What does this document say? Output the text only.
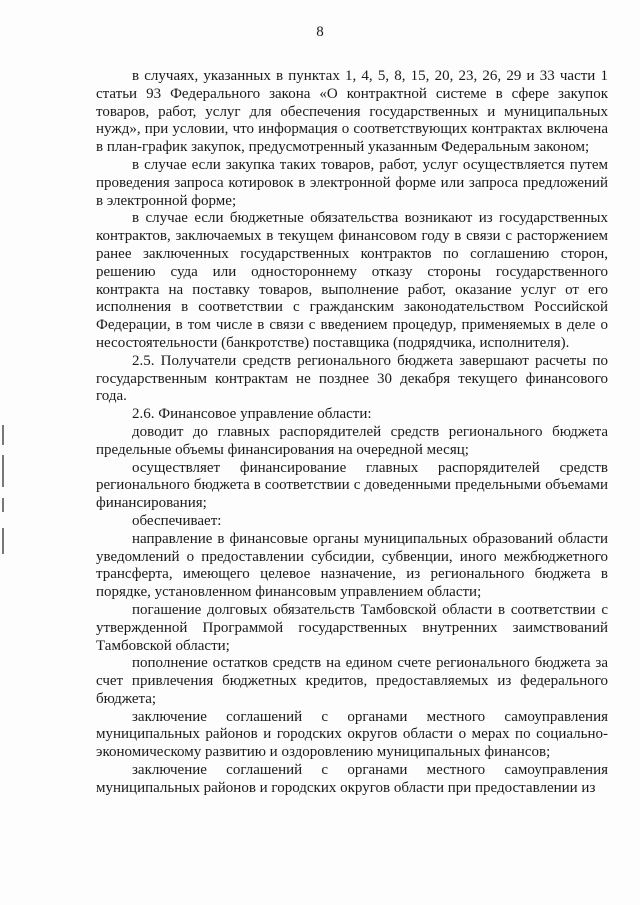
8

в случаях, указанных в пунктах 1, 4, 5, 8, 15, 20, 23, 26, 29 и 33 части 1 статьи 93 Федерального закона «О контрактной системе в сфере закупок товаров, работ, услуг для обеспечения государственных и муниципальных нужд», при условии, что информация о соответствующих контрактах включена в план-график закупок, предусмотренный указанным Федеральным законом;

в случае если закупка таких товаров, работ, услуг осуществляется путем проведения запроса котировок в электронной форме или запроса предложений в электронной форме;

в случае если бюджетные обязательства возникают из государственных контрактов, заключаемых в текущем финансовом году в связи с расторжением ранее заключенных государственных контрактов по соглашению сторон, решению суда или одностороннему отказу стороны государственного контракта на поставку товаров, выполнение работ, оказание услуг от его исполнения в соответствии с гражданским законодательством Российской Федерации, в том числе в связи с введением процедур, применяемых в деле о несостоятельности (банкротстве) поставщика (подрядчика, исполнителя).

2.5. Получатели средств регионального бюджета завершают расчеты по государственным контрактам не позднее 30 декабря текущего финансового года.

2.6. Финансовое управление области:

доводит до главных распорядителей средств регионального бюджета предельные объемы финансирования на очередной месяц;

осуществляет финансирование главных распорядителей средств регионального бюджета в соответствии с доведенными предельными объемами финансирования;

обеспечивает:

направление в финансовые органы муниципальных образований области уведомлений о предоставлении субсидии, субвенции, иного межбюджетного трансферта, имеющего целевое назначение, из регионального бюджета в порядке, установленном финансовым управлением области;

погашение долговых обязательств Тамбовской области в соответствии с утвержденной Программой государственных внутренних заимствований Тамбовской области;

пополнение остатков средств на едином счете регионального бюджета за счет привлечения бюджетных кредитов, предоставляемых из федерального бюджета;

заключение соглашений с органами местного самоуправления муниципальных районов и городских округов области о мерах по социально-экономическому развитию и оздоровлению муниципальных финансов;

заключение соглашений с органами местного самоуправления муниципальных районов и городских округов области при предоставлении из
